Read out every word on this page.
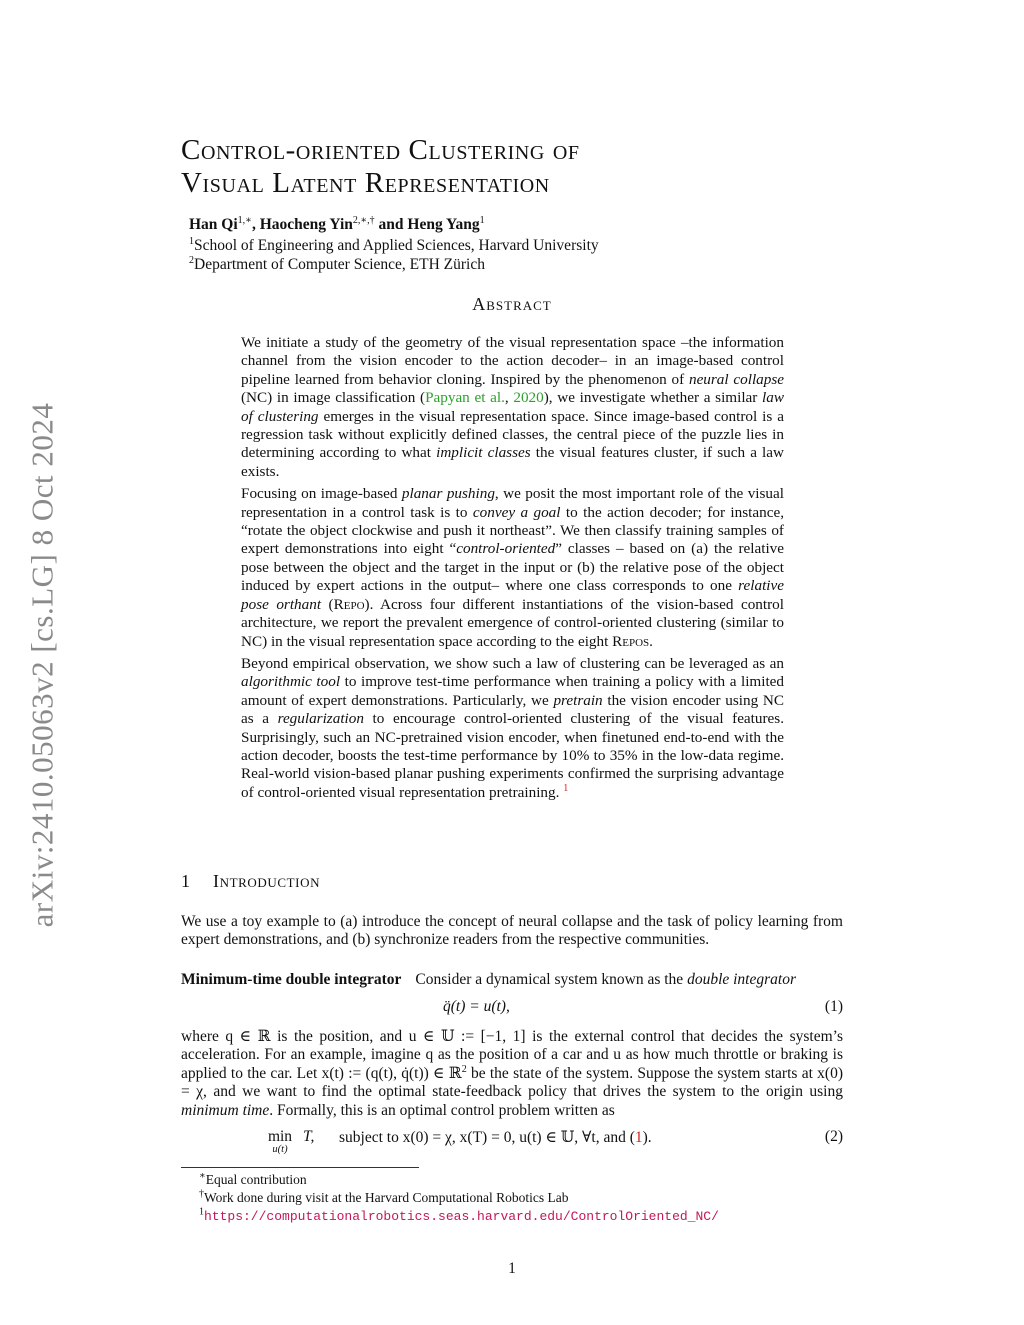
arXiv:2410.05063v2 [cs.LG] 8 Oct 2024
Control-oriented Clustering of
Visual Latent Representation
Han $Qi^{1,∗}$, Haocheng Yin$^{2,∗,\dagger}$ and Heng Yang$^1$
$^1$School of Engineering and Applied Sciences, Harvard University
$^2$Department of Computer Science, ETH Zürich
Abstract

We initiate a study of the geometry of the visual representation space –the information channel from the vision encoder to the action decoder– in an image-based control pipeline learned from behavior cloning. Inspired by the phenomenon of neural collapse (NC) in image classification (Papyan et al., 2020), we investigate whether a similar law of clustering emerges in the visual representation space. Since image-based control is a regression task without explicitly defined classes, the central piece of the puzzle lies in determining according to what implicit classes the visual features cluster, if such a law exists.

Focusing on image-based planar pushing, we posit the most important role of the visual representation in a control task is to convey a goal to the action decoder; for instance, “rotate the object clockwise and push it northeast”. We then classify training samples of expert demonstrations into eight “control-oriented” classes – based on (a) the relative pose between the object and the target in the input or (b) the relative pose of the object induced by expert actions in the output– where one class corresponds to one relative pose orthant (Repo). Across four different instantiations of the vision-based control architecture, we report the prevalent emergence of control-oriented clustering (similar to NC) in the visual representation space according to the eight Repos.

Beyond empirical observation, we show such a law of clustering can be leveraged as an algorithmic tool to improve test-time performance when training a policy with a limited amount of expert demonstrations. Particularly, we pretrain the vision encoder using NC as a regularization to encourage control-oriented clustering of the visual features. Surprisingly, such an NC-pretrained vision encoder, when finetuned end-to-end with the action decoder, boosts the test-time performance by 10% to 35% in the low-data regime. Real-world vision-based planar pushing experiments confirmed the surprising advantage of control-oriented visual representation pretraining. $^1$

1 Introduction
We use a toy example to (a) introduce the concept of neural collapse and the task of policy learning from expert demonstrations, and (b) synchronize readers from the respective communities.
Minimum-time double integrator Consider a dynamical system known as the double integrator
q̈(t) = u(t),	(1)
where q ∈ ℝ is the position, and u ∈ 𝕌 := [−1, 1] is the external control that decides the system’s acceleration. For an example, imagine q as the position of a car and u as how much throttle or braking is applied to the car. Let x(t) := (q(t), q̇(t)) ∈ ℝ$^2$ be the state of the system. Suppose the system starts at x(0) = χ, and we want to find the optimal state-feedback policy that drives the system to the origin using minimum time. Formally, this is an optimal control problem written as
min
u(t)
T, subject to x(0) = χ, x(T) = 0, u(t) ∈ 𝕌, ∀t, and (1).	(2)
∗Equal contribution
†Work done during visit at the Harvard Computational Robotics Lab
$^1$https://computationalrobotics.seas.harvard.edu/ControlOriented_NC/
1
